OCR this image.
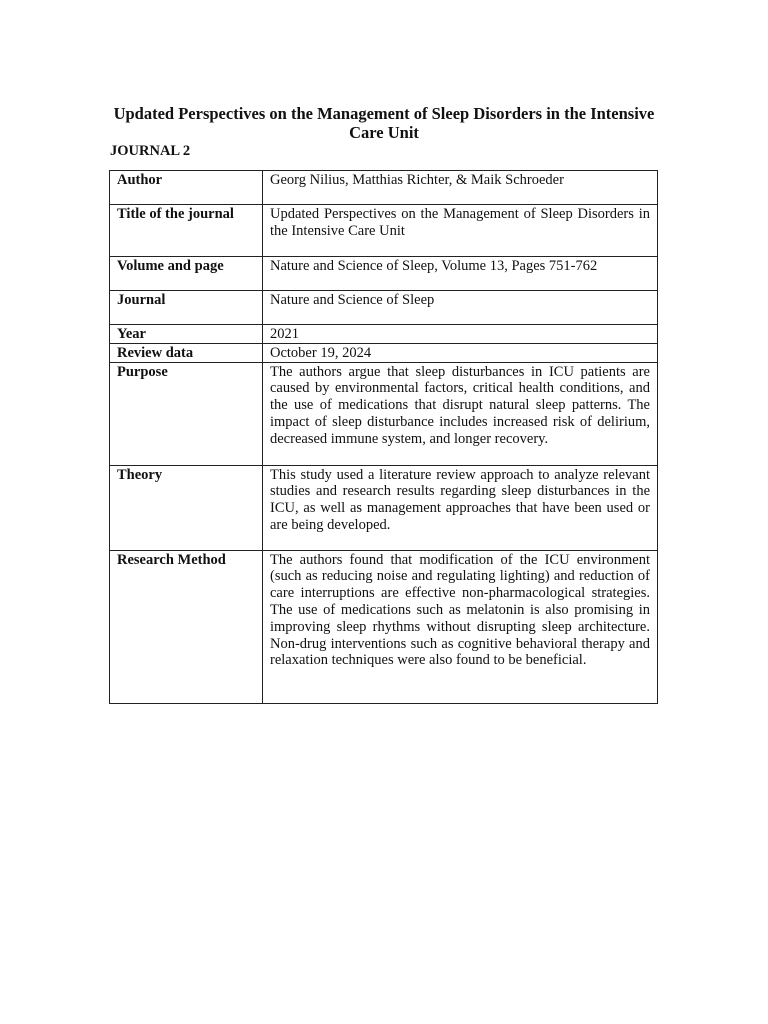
Updated Perspectives on the Management of Sleep Disorders in the Intensive Care Unit

JOURNAL 2

Author	Georg Nilius, Matthias Richter, & Maik Schroeder
Title of the journal	Updated Perspectives on the Management of Sleep Disorders in the Intensive Care Unit
Volume and page	Nature and Science of Sleep, Volume 13, Pages 751-762
Journal	Nature and Science of Sleep
Year	2021
Review data	October 19, 2024
Purpose	The authors argue that sleep disturbances in ICU patients are caused by environmental factors, critical health conditions, and the use of medications that disrupt natural sleep patterns. The impact of sleep disturbance includes increased risk of delirium, decreased immune system, and longer recovery.
Theory	This study used a literature review approach to analyze relevant studies and research results regarding sleep disturbances in the ICU, as well as management approaches that have been used or are being developed.
Research Method	The authors found that modification of the ICU environment (such as reducing noise and regulating lighting) and reduction of care interruptions are effective non-pharmacological strategies. The use of medications such as melatonin is also promising in improving sleep rhythms without disrupting sleep architecture. Non-drug interventions such as cognitive behavioral therapy and relaxation techniques were also found to be beneficial.
